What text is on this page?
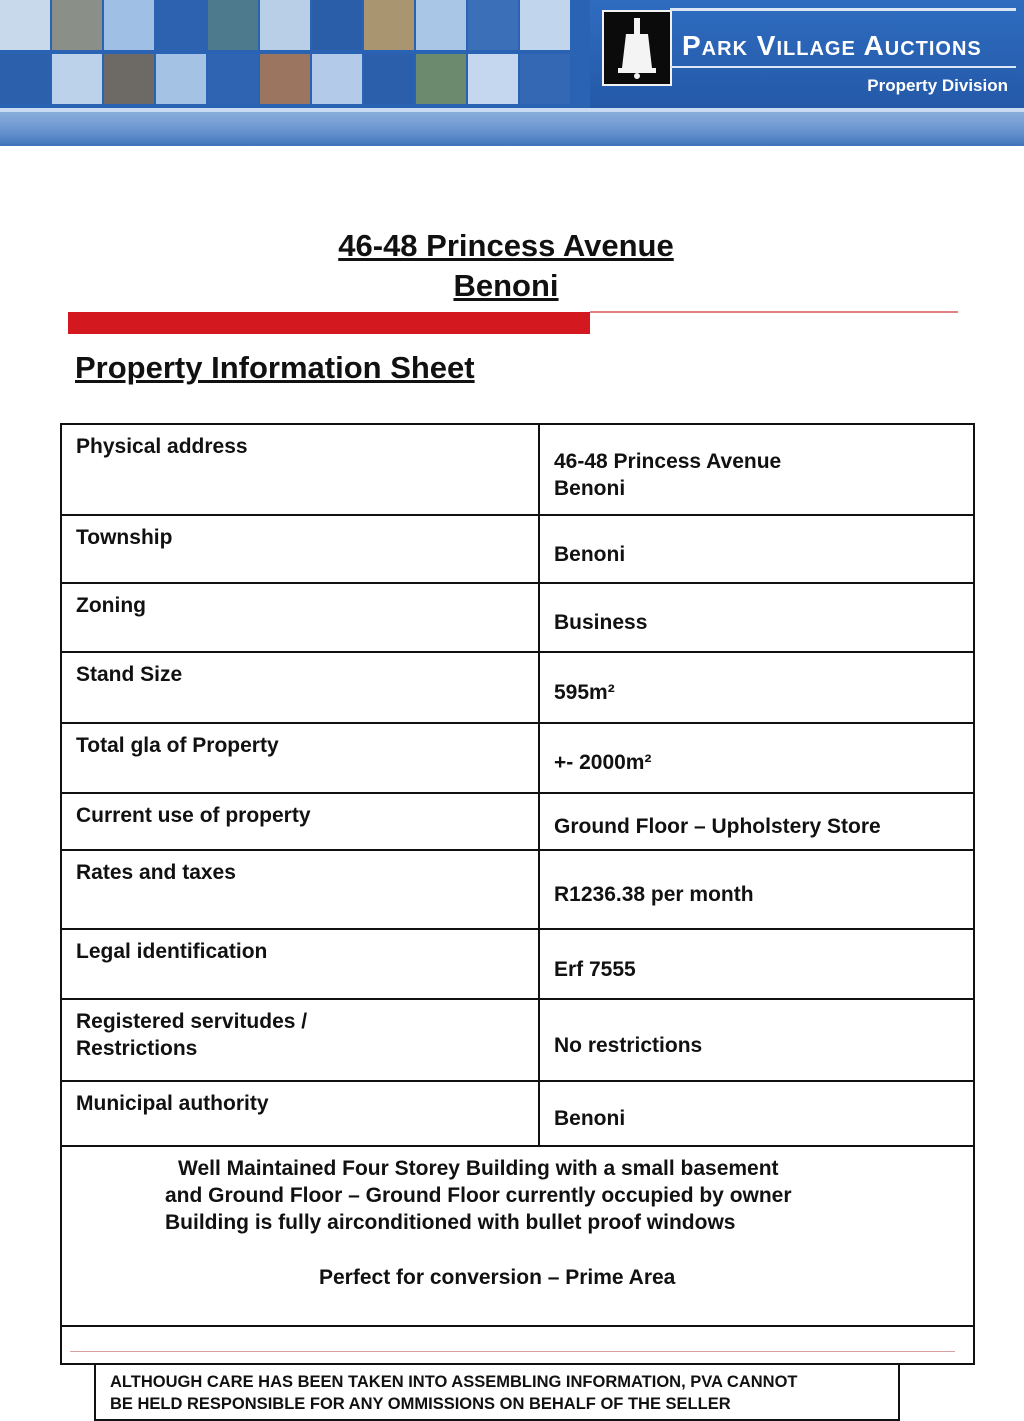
Park Village Auctions
Property Division
46-48 Princess Avenue
Benoni
Property Information Sheet
Physical address	46-48 Princess Avenue
Benoni

Township	Benoni

Zoning	Business

Stand Size	595m²

Total gla of Property	+- 2000m²

Current use of property	Ground Floor – Upholstery Store

Rates and taxes	R1236.38 per month

Legal identification	Erf 7555

Registered servitudes /
Restrictions	No restrictions

Municipal authority	Benoni

Well Maintained Four Storey Building with a small basement
and Ground Floor – Ground Floor currently occupied by owner
Building is fully airconditioned with bullet proof windows
Perfect for conversion – Prime Area	

ALTHOUGH CARE HAS BEEN TAKEN INTO ASSEMBLING INFORMATION, PVA CANNOT
BE HELD RESPONSIBLE FOR ANY OMMISSIONS ON BEHALF OF THE SELLER	
